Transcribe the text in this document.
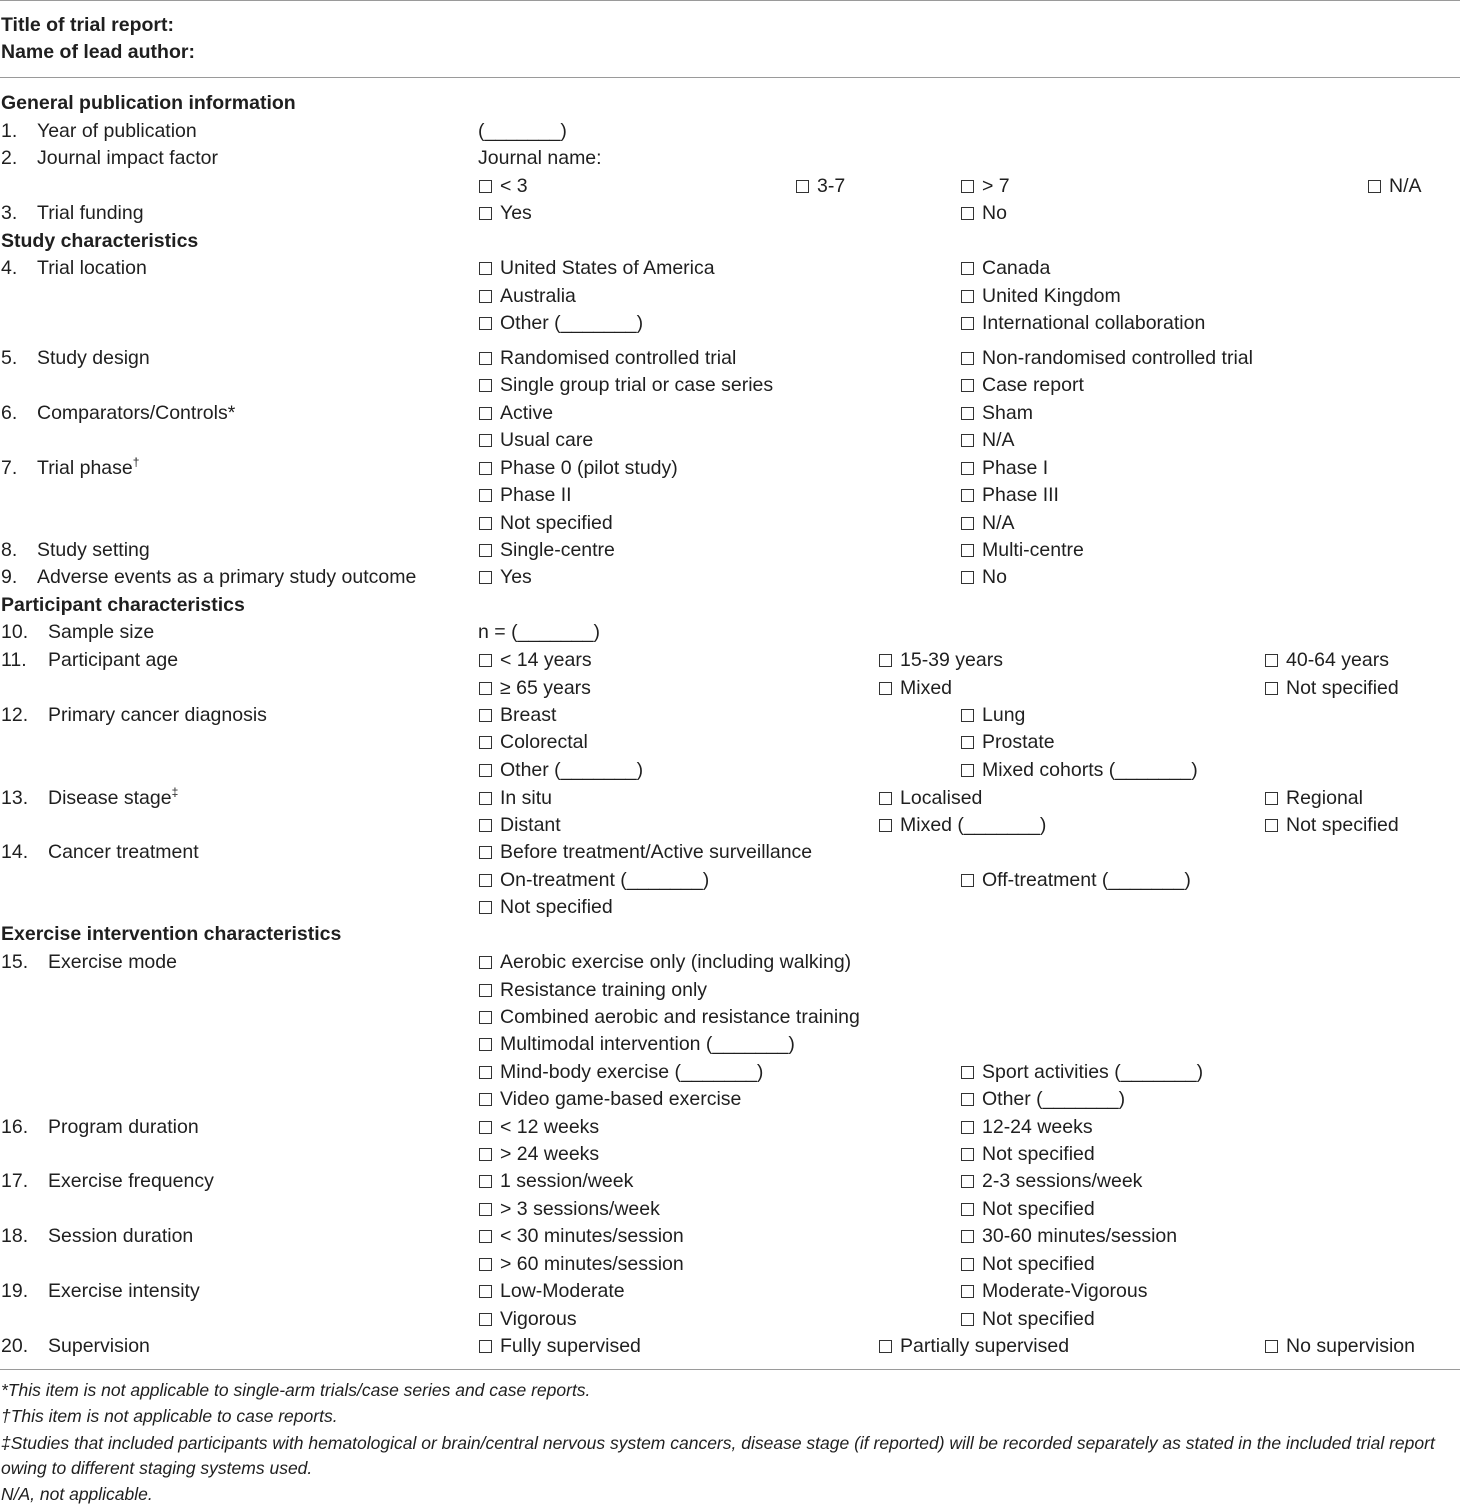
Title of trial report:
Name of lead author:
General publication information
1. Year of publication	(_______)
2. Journal impact factor	Journal name:
< 3	3-7	> 7	N/A
3. Trial funding	Yes	No
Study characteristics
4. Trial location	United States of America	Canada
Australia	United Kingdom
Other (_______)	International collaboration
5. Study design	Randomised controlled trial	Non-randomised controlled trial
Single group trial or case series	Case report
6. Comparators/Controls*	Active	Sham
Usual care	N/A
7. Trial phase†	Phase 0 (pilot study)	Phase I
Phase II	Phase III
Not specified	N/A
8. Study setting	Single-centre	Multi-centre
9. Adverse events as a primary study outcome	Yes	No
Participant characteristics
10. Sample size	n = (_______)
11. Participant age	< 14 years	15-39 years	40-64 years
≥ 65 years	Mixed	Not specified
12. Primary cancer diagnosis	Breast	Lung
Colorectal	Prostate
Other (_______)	Mixed cohorts (_______)
13. Disease stage‡	In situ	Localised	Regional
Distant	Mixed (_______)	Not specified
14. Cancer treatment	Before treatment/Active surveillance
On-treatment (_______)	Off-treatment (_______)
Not specified
Exercise intervention characteristics
15. Exercise mode	Aerobic exercise only (including walking)
Resistance training only
Combined aerobic and resistance training
Multimodal intervention (_______)
Mind-body exercise (_______)	Sport activities (_______)
Video game-based exercise	Other (_______)
16. Program duration	< 12 weeks	12-24 weeks
> 24 weeks	Not specified
17. Exercise frequency	1 session/week	2-3 sessions/week
> 3 sessions/week	Not specified
18. Session duration	< 30 minutes/session	30-60 minutes/session
> 60 minutes/session	Not specified
19. Exercise intensity	Low-Moderate	Moderate-Vigorous
Vigorous	Not specified
20. Supervision	Fully supervised	Partially supervised	No supervision
*This item is not applicable to single-arm trials/case series and case reports.
†This item is not applicable to case reports.
‡Studies that included participants with hematological or brain/central nervous system cancers, disease stage (if reported) will be recorded separately as stated in the included trial report
owing to different staging systems used.
N/A, not applicable.
